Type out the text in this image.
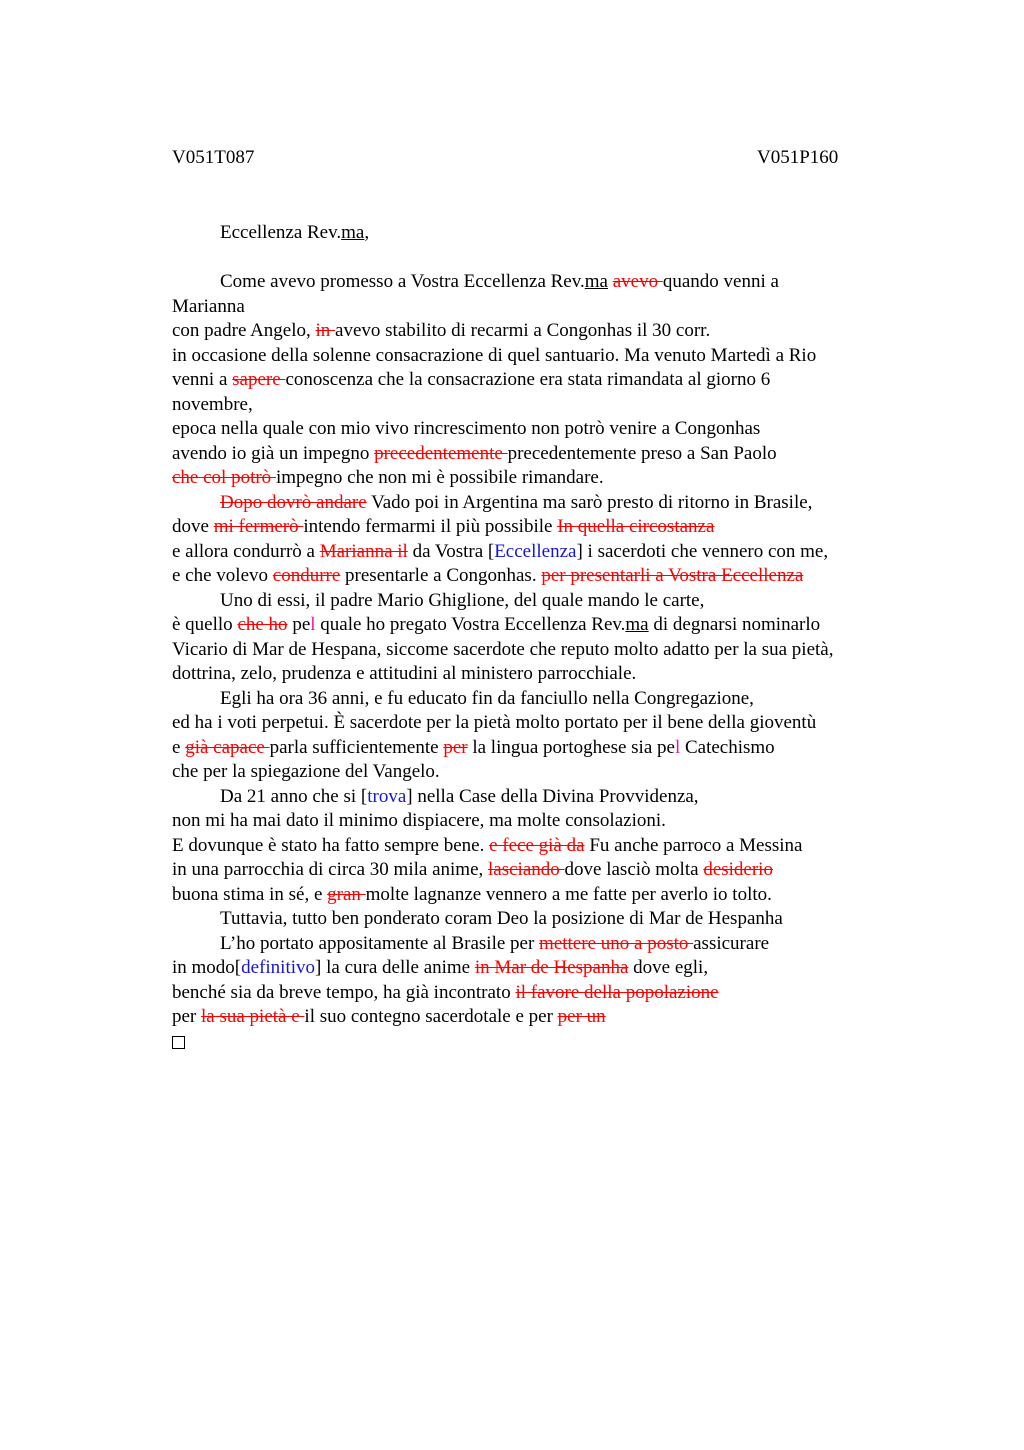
V051T087	V051P160
Eccellenza Rev.ma,
Come avevo promesso a Vostra Eccellenza Rev.ma avevo quando venni a
Marianna
con padre Angelo, in avevo stabilito di recarmi a Congonhas il 30 corr.
in occasione della solenne consacrazione di quel santuario. Ma venuto Martedì a Rio
venni a sapere conoscenza che la consacrazione era stata rimandata al giorno 6
novembre,
epoca nella quale con mio vivo rincrescimento non potrò venire a Congonhas
avendo io già un impegno precedentemente precedentemente preso a San Paolo
che col potrò impegno che non mi è possibile rimandare.
Dopo dovrò andare Vado poi in Argentina ma sarò presto di ritorno in Brasile,
dove mi fermerò intendo fermarmi il più possibile In quella circostanza
e allora condurrò a Marianna il da Vostra [Eccellenza] i sacerdoti che vennero con me,
e che volevo condurre presentarle a Congonhas. per presentarli a Vostra Eccellenza
Uno di essi, il padre Mario Ghiglione, del quale mando le carte,
è quello che ho pel quale ho pregato Vostra Eccellenza Rev.ma di degnarsi nominarlo
Vicario di Mar de Hespana, siccome sacerdote che reputo molto adatto per la sua pietà,
dottrina, zelo, prudenza e attitudini al ministero parrocchiale.
Egli ha ora 36 anni, e fu educato fin da fanciullo nella Congregazione,
ed ha i voti perpetui. È sacerdote per la pietà molto portato per il bene della gioventù
e già capace parla sufficientemente per la lingua portoghese sia pel Catechismo
che per la spiegazione del Vangelo.
Da 21 anno che si [trova] nella Case della Divina Provvidenza,
non mi ha mai dato il minimo dispiacere, ma molte consolazioni.
E dovunque è stato ha fatto sempre bene. e fece già da Fu anche parroco a Messina
in una parrocchia di circa 30 mila anime, lasciando dove lasciò molta desiderio
buona stima in sé, e gran molte lagnanze vennero a me fatte per averlo io tolto.
Tuttavia, tutto ben ponderato coram Deo la posizione di Mar de Hespanha
L’ho portato appositamente al Brasile per mettere uno a posto assicurare
in modo[definitivo] la cura delle anime in Mar de Hespanha dove egli,
benché sia da breve tempo, ha già incontrato il favore della popolazione
per la sua pietà e il suo contegno sacerdotale e per per un
